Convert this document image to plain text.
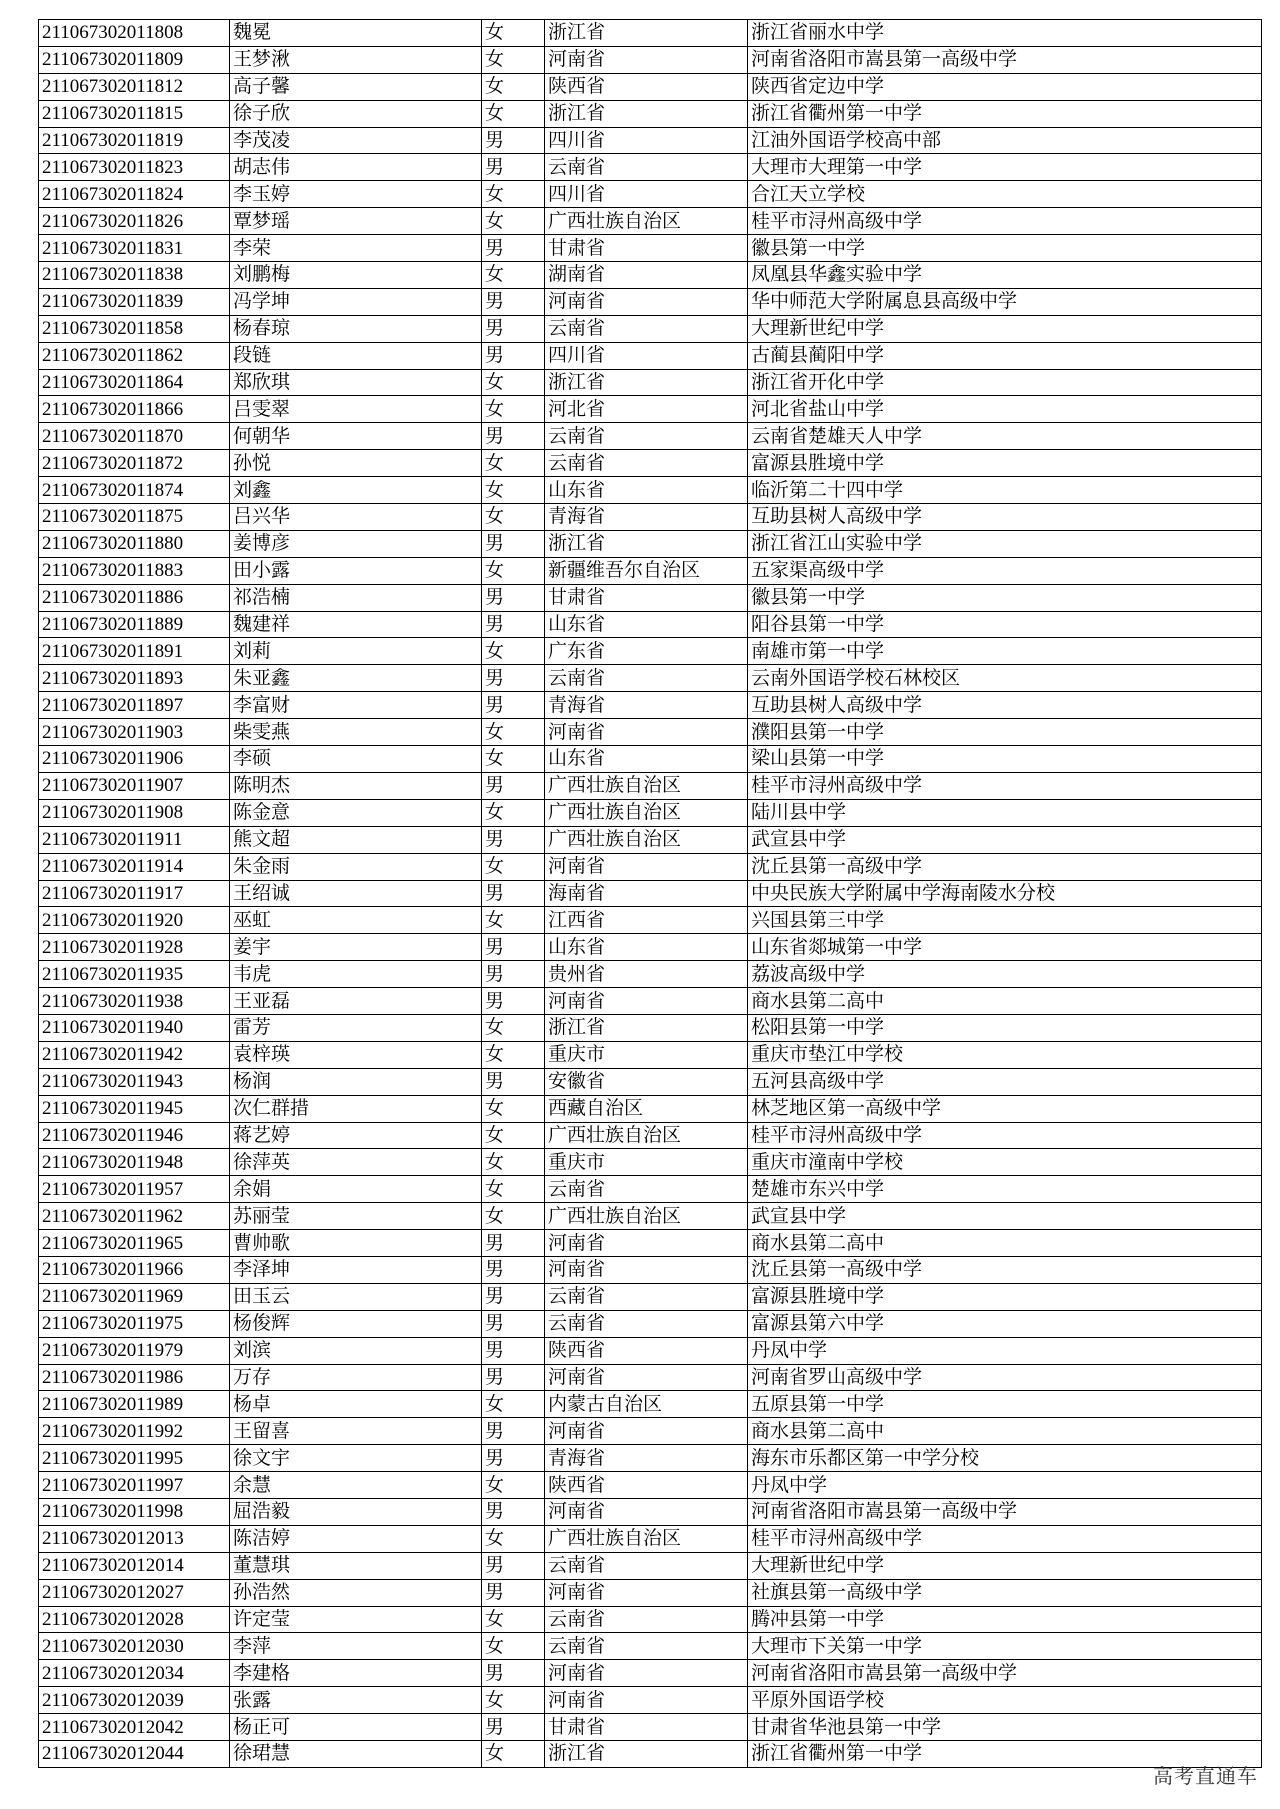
211067302011808	魏冕	女	浙江省	浙江省丽水中学
211067302011809	王梦湫	女	河南省	河南省洛阳市嵩县第一高级中学
211067302011812	高子馨	女	陕西省	陕西省定边中学
211067302011815	徐子欣	女	浙江省	浙江省衢州第一中学
211067302011819	李茂凌	男	四川省	江油外国语学校高中部
211067302011823	胡志伟	男	云南省	大理市大理第一中学
211067302011824	李玉婷	女	四川省	合江天立学校
211067302011826	覃梦瑶	女	广西壮族自治区	桂平市浔州高级中学
211067302011831	李荣	男	甘肃省	徽县第一中学
211067302011838	刘鹏梅	女	湖南省	凤凰县华鑫实验中学
211067302011839	冯学坤	男	河南省	华中师范大学附属息县高级中学
211067302011858	杨春琼	男	云南省	大理新世纪中学
211067302011862	段链	男	四川省	古蔺县蔺阳中学
211067302011864	郑欣琪	女	浙江省	浙江省开化中学
211067302011866	吕雯翠	女	河北省	河北省盐山中学
211067302011870	何朝华	男	云南省	云南省楚雄天人中学
211067302011872	孙悦	女	云南省	富源县胜境中学
211067302011874	刘鑫	女	山东省	临沂第二十四中学
211067302011875	吕兴华	女	青海省	互助县树人高级中学
211067302011880	姜博彦	男	浙江省	浙江省江山实验中学
211067302011883	田小露	女	新疆维吾尔自治区	五家渠高级中学
211067302011886	祁浩楠	男	甘肃省	徽县第一中学
211067302011889	魏建祥	男	山东省	阳谷县第一中学
211067302011891	刘莉	女	广东省	南雄市第一中学
211067302011893	朱亚鑫	男	云南省	云南外国语学校石林校区
211067302011897	李富财	男	青海省	互助县树人高级中学
211067302011903	柴雯燕	女	河南省	濮阳县第一中学
211067302011906	李硕	女	山东省	梁山县第一中学
211067302011907	陈明杰	男	广西壮族自治区	桂平市浔州高级中学
211067302011908	陈金意	女	广西壮族自治区	陆川县中学
211067302011911	熊文超	男	广西壮族自治区	武宣县中学
211067302011914	朱金雨	女	河南省	沈丘县第一高级中学
211067302011917	王绍诚	男	海南省	中央民族大学附属中学海南陵水分校
211067302011920	巫虹	女	江西省	兴国县第三中学
211067302011928	姜宇	男	山东省	山东省郯城第一中学
211067302011935	韦虎	男	贵州省	荔波高级中学
211067302011938	王亚磊	男	河南省	商水县第二高中
211067302011940	雷芳	女	浙江省	松阳县第一中学
211067302011942	袁梓瑛	女	重庆市	重庆市垫江中学校
211067302011943	杨润	男	安徽省	五河县高级中学
211067302011945	次仁群措	女	西藏自治区	林芝地区第一高级中学
211067302011946	蒋艺婷	女	广西壮族自治区	桂平市浔州高级中学
211067302011948	徐萍英	女	重庆市	重庆市潼南中学校
211067302011957	余娟	女	云南省	楚雄市东兴中学
211067302011962	苏丽莹	女	广西壮族自治区	武宣县中学
211067302011965	曹帅歌	男	河南省	商水县第二高中
211067302011966	李泽坤	男	河南省	沈丘县第一高级中学
211067302011969	田玉云	男	云南省	富源县胜境中学
211067302011975	杨俊辉	男	云南省	富源县第六中学
211067302011979	刘滨	男	陕西省	丹凤中学
211067302011986	万存	男	河南省	河南省罗山高级中学
211067302011989	杨卓	女	内蒙古自治区	五原县第一中学
211067302011992	王留喜	男	河南省	商水县第二高中
211067302011995	徐文宇	男	青海省	海东市乐都区第一中学分校
211067302011997	余慧	女	陕西省	丹凤中学
211067302011998	屈浩毅	男	河南省	河南省洛阳市嵩县第一高级中学
211067302012013	陈洁婷	女	广西壮族自治区	桂平市浔州高级中学
211067302012014	董慧琪	男	云南省	大理新世纪中学
211067302012027	孙浩然	男	河南省	社旗县第一高级中学
211067302012028	许定莹	女	云南省	腾冲县第一中学
211067302012030	李萍	女	云南省	大理市下关第一中学
211067302012034	李建格	男	河南省	河南省洛阳市嵩县第一高级中学
211067302012039	张露	女	河南省	平原外国语学校
211067302012042	杨正可	男	甘肃省	甘肃省华池县第一中学
211067302012044	徐珺慧	女	浙江省	浙江省衢州第一中学
高考直通车
